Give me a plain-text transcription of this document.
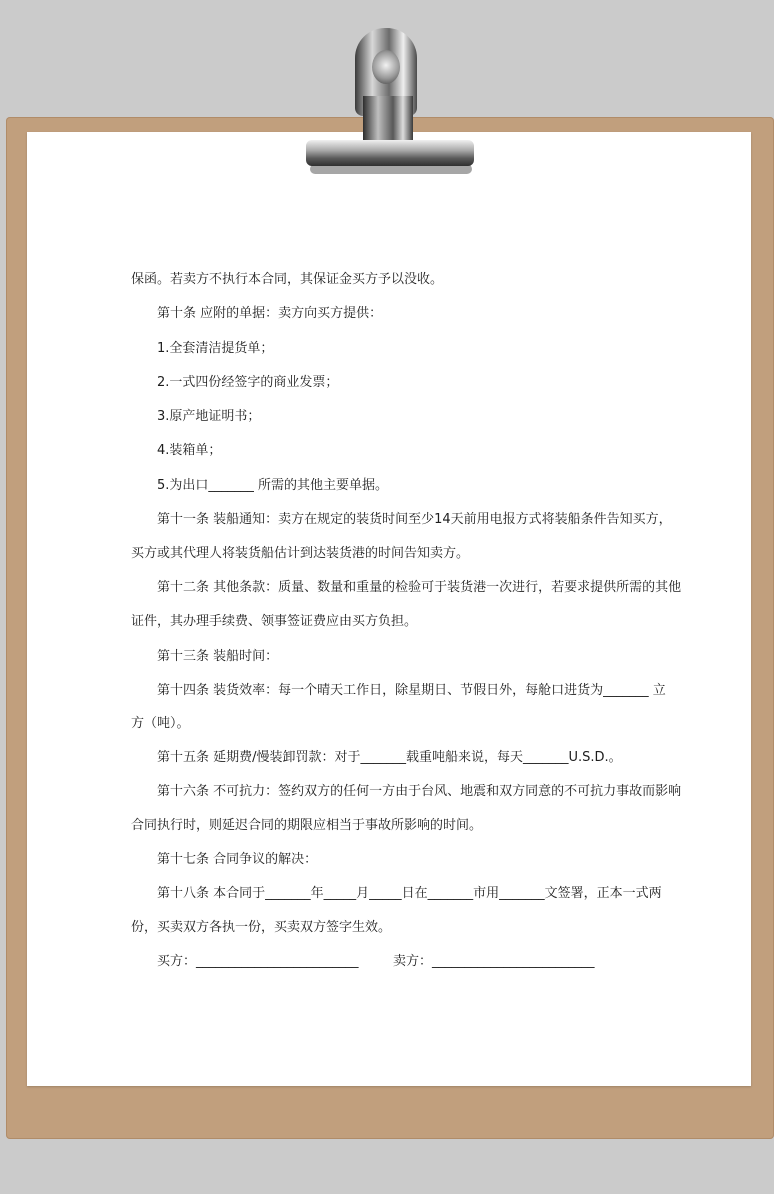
保函。若卖方不执行本合同，其保证金买方予以没收。
第十条 应附的单据：卖方向买方提供：
1.全套清洁提货单；
2.一式四份经签字的商业发票；
3.原产地证明书；
4.装箱单；
5.为出口_______ 所需的其他主要单据。
第十一条 装船通知：卖方在规定的装货时间至少14天前用电报方式将装船条件告知买方，
买方或其代理人将装货船估计到达装货港的时间告知卖方。
第十二条 其他条款：质量、数量和重量的检验可于装货港一次进行，若要求提供所需的其他
证件，其办理手续费、领事签证费应由买方负担。
第十三条 装船时间：
第十四条 装货效率：每一个晴天工作日，除星期日、节假日外，每舱口进货为_______ 立
方（吨）。
第十五条 延期费/慢装卸罚款：对于_______载重吨船来说，每天_______U.S.D.。
第十六条 不可抗力：签约双方的任何一方由于台风、地震和双方同意的不可抗力事故而影响
合同执行时，则延迟合同的期限应相当于事故所影响的时间。
第十七条 合同争议的解决：
第十八条 本合同于_______年_____月_____日在_______市用_______文签署，正本一式两
份，买卖双方各执一份，买卖双方签字生效。
买方：_________________________	卖方：_________________________
